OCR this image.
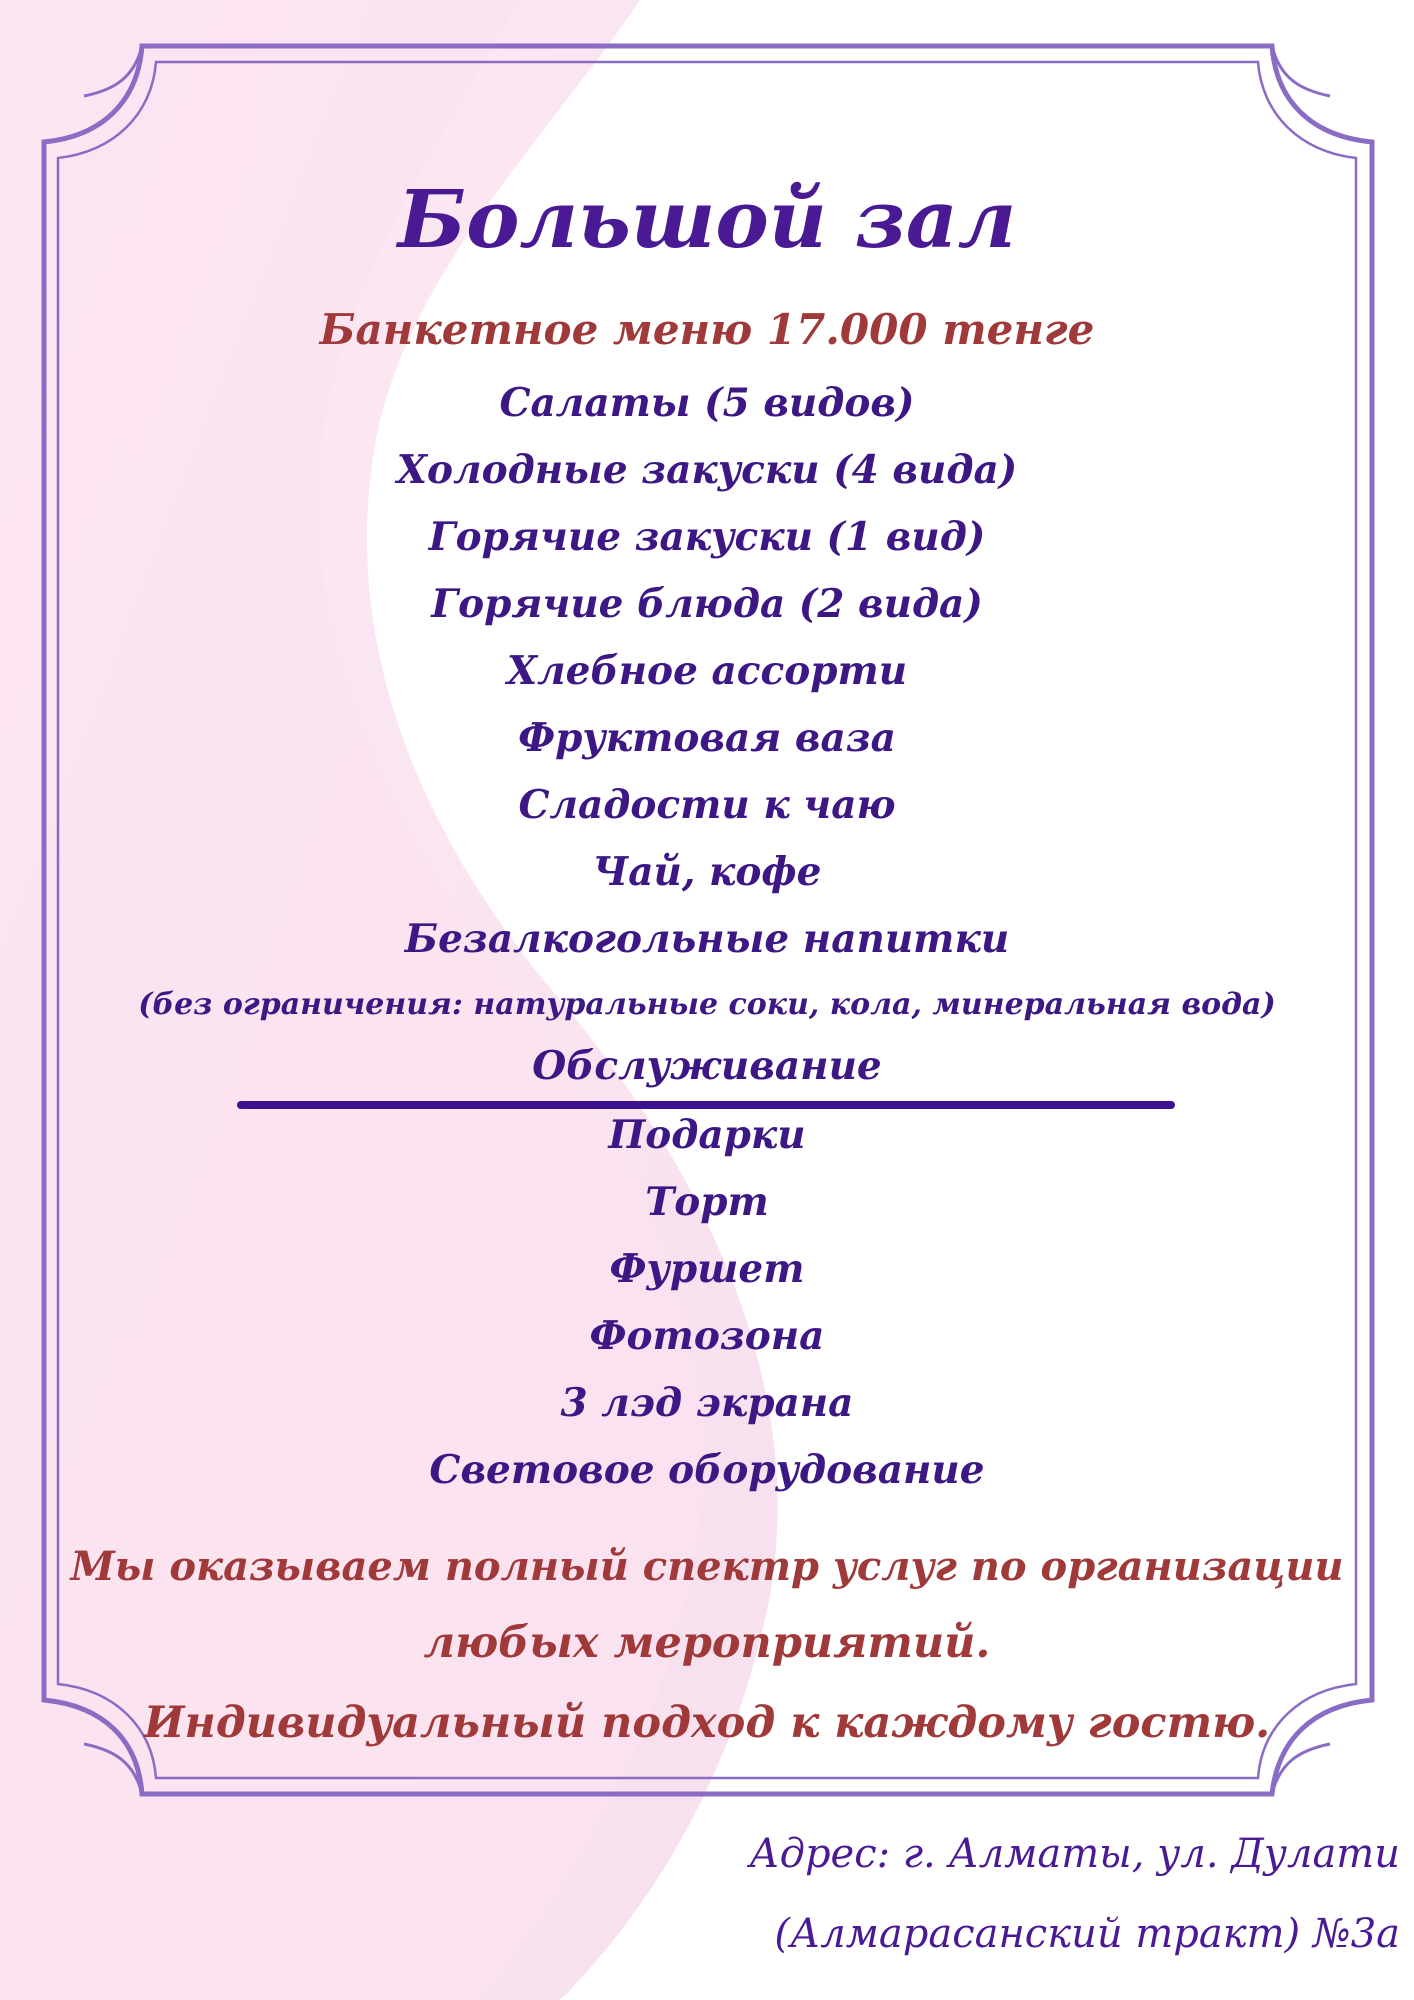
Большой зал
Банкетное меню 17.000 тенге
Салаты (5 видов)
Холодные закуски (4 вида)
Горячие закуски (1 вид)
Горячие блюда (2 вида)
Хлебное ассорти
Фруктовая ваза
Сладости к чаю
Чай, кофе
Безалкогольные напитки
(без ограничения: натуральные соки, кола, минеральная вода)
Обслуживание
Подарки
Торт
Фуршет
Фотозона
3 лэд экрана
Световое оборудование
Мы оказываем полный спектр услуг по организации
любых мероприятий.
Индивидуальный подход к каждому гостю.
Адрес: г. Алматы, ул. Дулати
(Алмарасанский тракт) №3а
